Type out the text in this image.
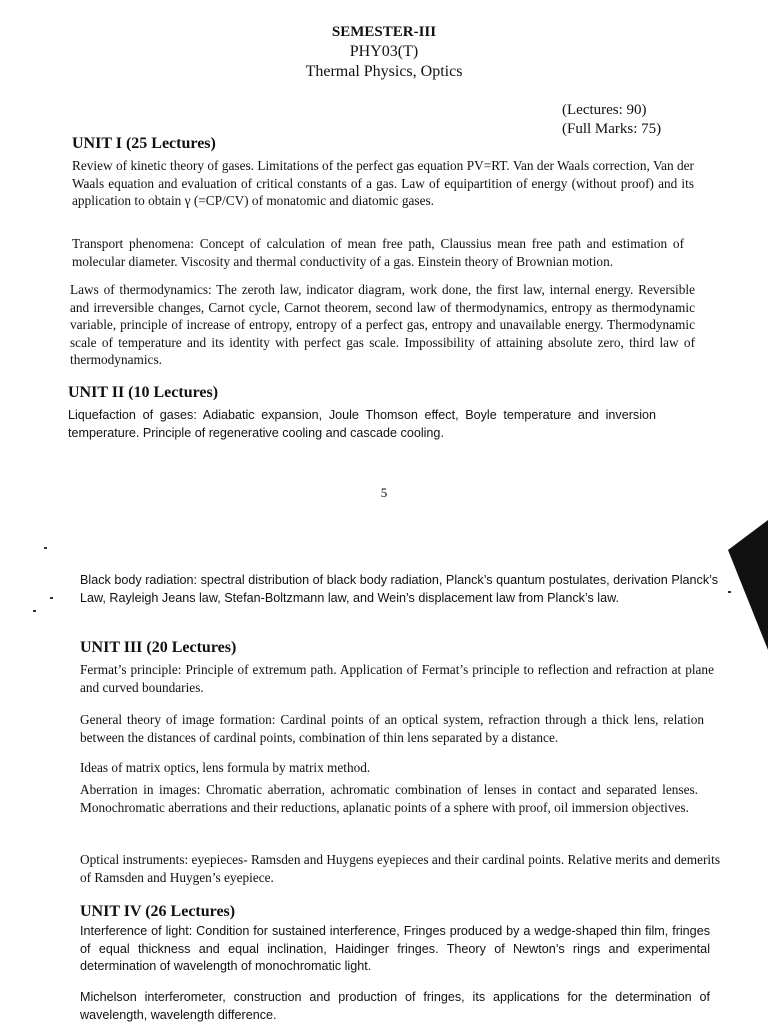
SEMESTER-III
PHY03(T)
Thermal Physics, Optics
(Lectures: 90)
(Full Marks: 75)
UNIT I (25 Lectures)
Review of kinetic theory of gases. Limitations of the perfect gas equation PV=RT. Van der Waals correction, Van der Waals equation and evaluation of critical constants of a gas. Law of equipartition of energy (without proof) and its application to obtain γ (=CP/CV) of monatomic and diatomic gases.
Transport phenomena: Concept of calculation of mean free path, Claussius mean free path and estimation of molecular diameter. Viscosity and thermal conductivity of a gas. Einstein theory of Brownian motion.
Laws of thermodynamics: The zeroth law, indicator diagram, work done, the first law, internal energy. Reversible and irreversible changes, Carnot cycle, Carnot theorem, second law of thermodynamics, entropy as thermodynamic variable, principle of increase of entropy, entropy of a perfect gas, entropy and unavailable energy. Thermodynamic scale of temperature and its identity with perfect gas scale. Impossibility of attaining absolute zero, third law of thermodynamics.
UNIT II (10 Lectures)
Liquefaction of gases: Adiabatic expansion, Joule Thomson effect, Boyle temperature and inversion temperature. Principle of regenerative cooling and cascade cooling.
5
Black body radiation: spectral distribution of black body radiation, Planck’s quantum postulates, derivation Planck’s Law, Rayleigh Jeans law, Stefan-Boltzmann law, and Wein’s displacement law from Planck’s law.
UNIT III (20 Lectures)
Fermat’s principle: Principle of extremum path. Application of Fermat’s principle to reflection and refraction at plane and curved boundaries.
General theory of image formation: Cardinal points of an optical system, refraction through a thick lens, relation between the distances of cardinal points, combination of thin lens separated by a distance.
Ideas of matrix optics, lens formula by matrix method.
Aberration in images: Chromatic aberration, achromatic combination of lenses in contact and separated lenses. Monochromatic aberrations and their reductions, aplanatic points of a sphere with proof, oil immersion objectives.
Optical instruments: eyepieces- Ramsden and Huygens eyepieces and their cardinal points. Relative merits and demerits of Ramsden and Huygen’s eyepiece.
UNIT IV (26 Lectures)
Interference of light: Condition for sustained interference, Fringes produced by a wedge-shaped thin film, fringes of equal thickness and equal inclination, Haidinger fringes. Theory of Newton’s rings and experimental determination of wavelength of monochromatic light.
Michelson interferometer, construction and production of fringes, its applications for the determination of wavelength, wavelength difference.
